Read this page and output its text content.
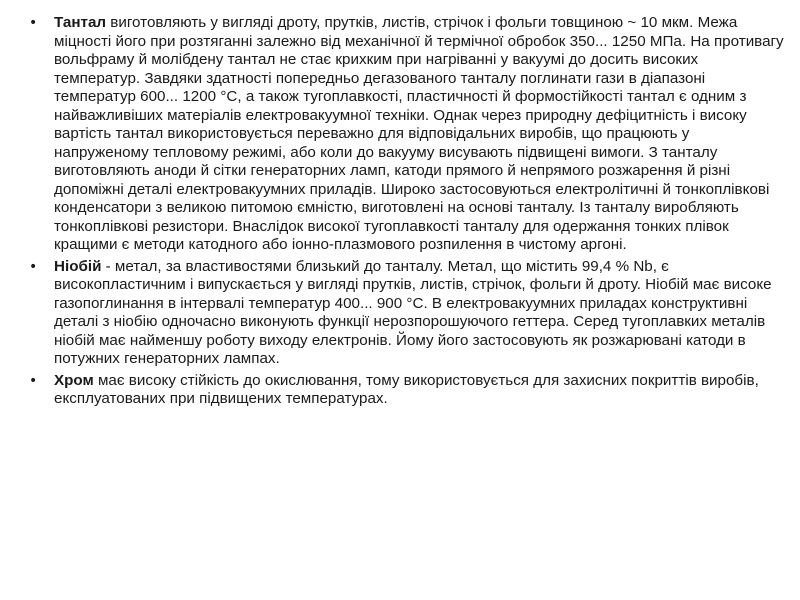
• Тантал виготовляють у вигляді дроту, прутків, листів, стрічок і фольги товщиною ~ 10 мкм. Межа міцності його при розтяганні залежно від механічної й термічної обробок 350... 1250 МПа. На противагу вольфраму й молібдену тантал не стає крихким при нагріванні у вакуумі до досить високих температур. Завдяки здатності попередньо дегазованого танталу поглинати гази в діапазоні температур 600... 1200 °С, а також тугоплавкості, пластичності й формостійкості тантал є одним з найважливіших матеріалів електровакуумної техніки. Однак через природну дефіцитність і високу вартість тантал використовується переважно для відповідальних виробів, що працюють у напруженому тепловому режимі, або коли до вакууму висувають підвищені вимоги. З танталу виготовляють аноди й сітки генераторних ламп, катоди прямого й непрямого розжарення й різні допоміжні деталі електровакуумних приладів. Широко застосовуються електролітичні й тонкоплівкові конденсатори з великою питомою ємністю, виготовлені на основі танталу. Із танталу виробляють тонкоплівкові резистори. Внаслідок високої тугоплавкості танталу для одержання тонких плівок кращими є методи катодного або іонно-плазмового розпилення в чистому аргоні.
• Ніобій - метал, за властивостями близький до танталу. Метал, що містить 99,4 % Nb, є високопластичним і випускається у вигляді прутків, листів, стрічок, фольги й дроту. Ніобій має високе газопоглинання в інтервалі температур 400... 900 °С. В електровакуумних приладах конструктивні деталі з ніобію одночасно виконують функції нерозпорошуючого геттера. Серед тугоплавких металів ніобій має найменшу роботу виходу електронів. Йому його застосовують як розжарювані катоди в потужних генераторних лампах.
• Хром має високу стійкість до окислювання, тому використовується для захисних покриттів виробів, експлуатованих при підвищених температурах.
